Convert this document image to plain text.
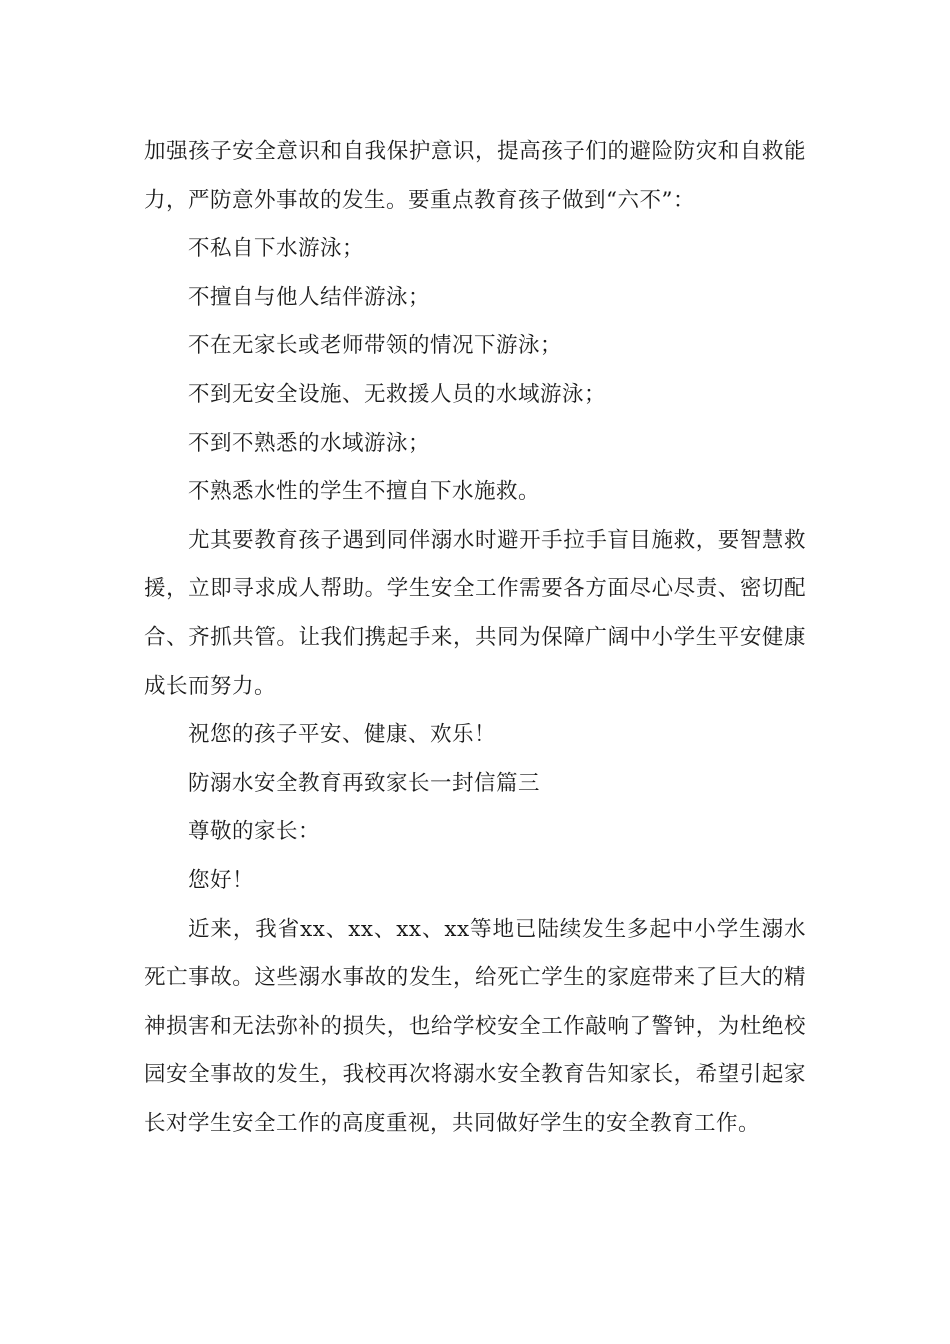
加强孩子安全意识和自我保护意识，提高孩子们的避险防灾和自救能力，严防意外事故的发生。要重点教育孩子做到“六不”：

不私自下水游泳；

不擅自与他人结伴游泳；

不在无家长或老师带领的情况下游泳；

不到无安全设施、无救援人员的水域游泳；

不到不熟悉的水域游泳；

不熟悉水性的学生不擅自下水施救。

尤其要教育孩子遇到同伴溺水时避开手拉手盲目施救，要智慧救援，立即寻求成人帮助。学生安全工作需要各方面尽心尽责、密切配合、齐抓共管。让我们携起手来，共同为保障广阔中小学生平安健康成长而努力。

祝您的孩子平安、健康、欢乐！

防溺水安全教育再致家长一封信篇三

尊敬的家长：

您好！

近来，我省xx、xx、xx、xx等地已陆续发生多起中小学生溺水死亡事故。这些溺水事故的发生，给死亡学生的家庭带来了巨大的精神损害和无法弥补的损失，也给学校安全工作敲响了警钟，为杜绝校园安全事故的发生，我校再次将溺水安全教育告知家长，希望引起家长对学生安全工作的高度重视，共同做好学生的安全教育工作。
